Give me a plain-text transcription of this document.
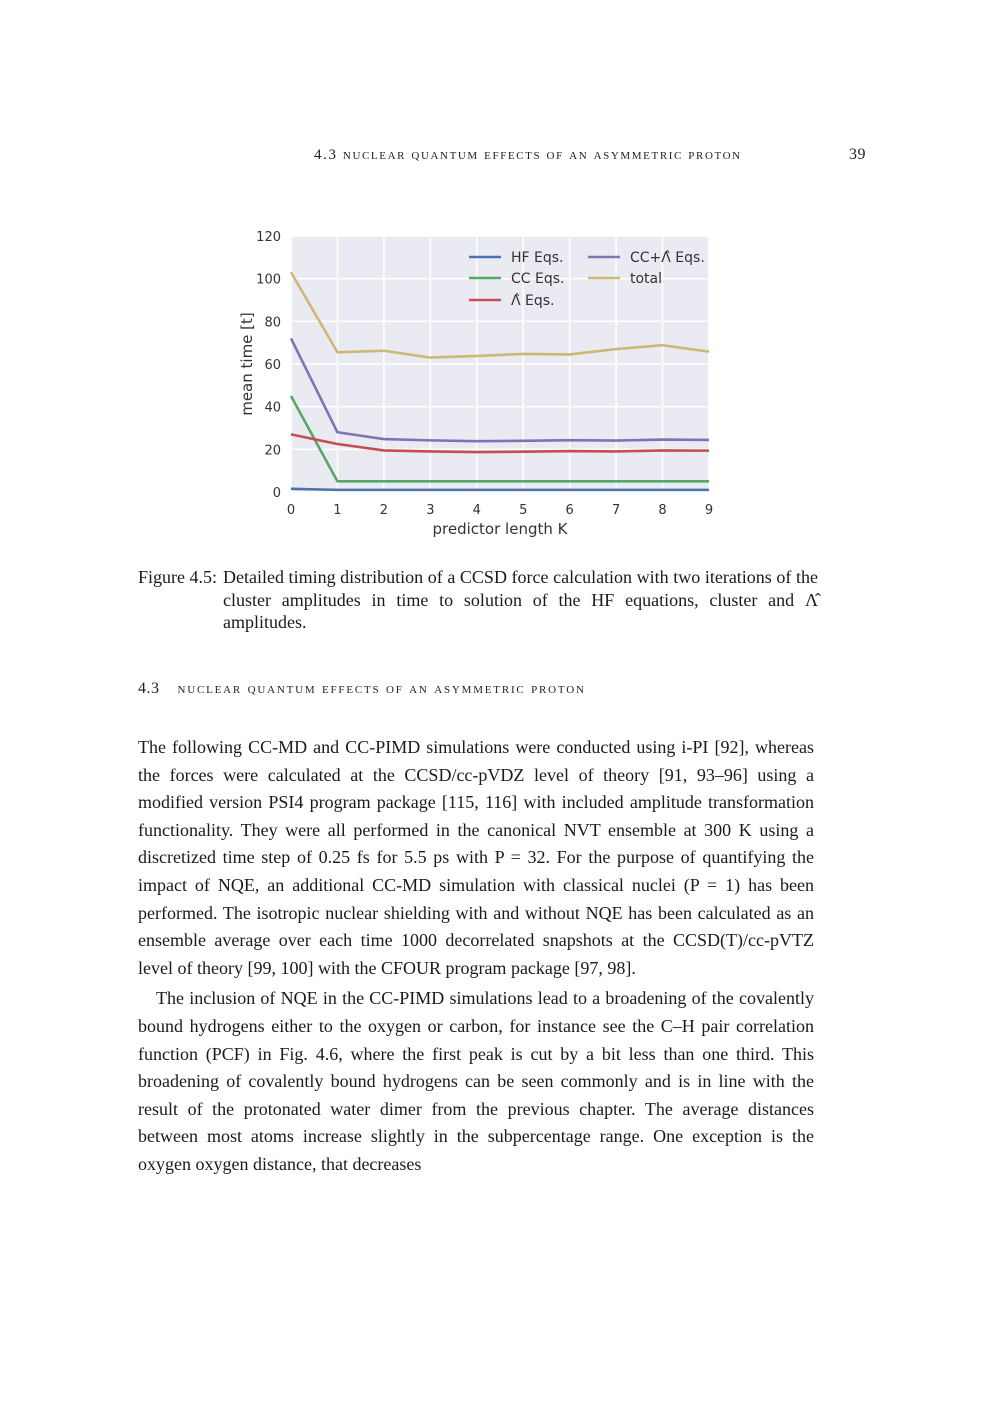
4.3 nuclear quantum effects of an asymmetric proton	39
0
20
40
60
80
100
120
0	1	2	3	4	5	6	7	8	9
HF Eqs.
CC Eqs.
Λ̂ Eqs.
CC+Λ̂ Eqs.
total
predictor length K
mean time [t]
Figure 4.5: Detailed timing distribution of a CCSD force calculation with two iterations of the cluster amplitudes in time to solution of the HF equations, cluster and Λ̂ amplitudes.
4.3 nuclear quantum effects of an asymmetric proton

The following CC-MD and CC-PIMD simulations were conducted using i-PI [92], whereas the forces were calculated at the CCSD/cc-pVDZ level of theory [91, 93–96] using a modified version PSI4 program package [115, 116] with included amplitude transformation functionality. They were all performed in the canonical NVT ensemble at 300 K using a discretized time step of 0.25 fs for 5.5 ps with P = 32. For the purpose of quantifying the impact of NQE, an additional CC-MD simulation with classical nuclei (P = 1) has been performed. The isotropic nuclear shielding with and without NQE has been calculated as an ensemble average over each time 1000 decorrelated snapshots at the CCSD(T)/cc-pVTZ level of theory [99, 100] with the CFOUR program package [97, 98].

The inclusion of NQE in the CC-PIMD simulations lead to a broadening of the covalently bound hydrogens either to the oxygen or carbon, for instance see the C–H pair correlation function (PCF) in Fig. 4.6, where the first peak is cut by a bit less than one third. This broadening of covalently bound hydrogens can be seen commonly and is in line with the result of the protonated water dimer from the previous chapter. The average distances between most atoms increase slightly in the subpercentage range. One exception is the oxygen oxygen distance, that decreases
